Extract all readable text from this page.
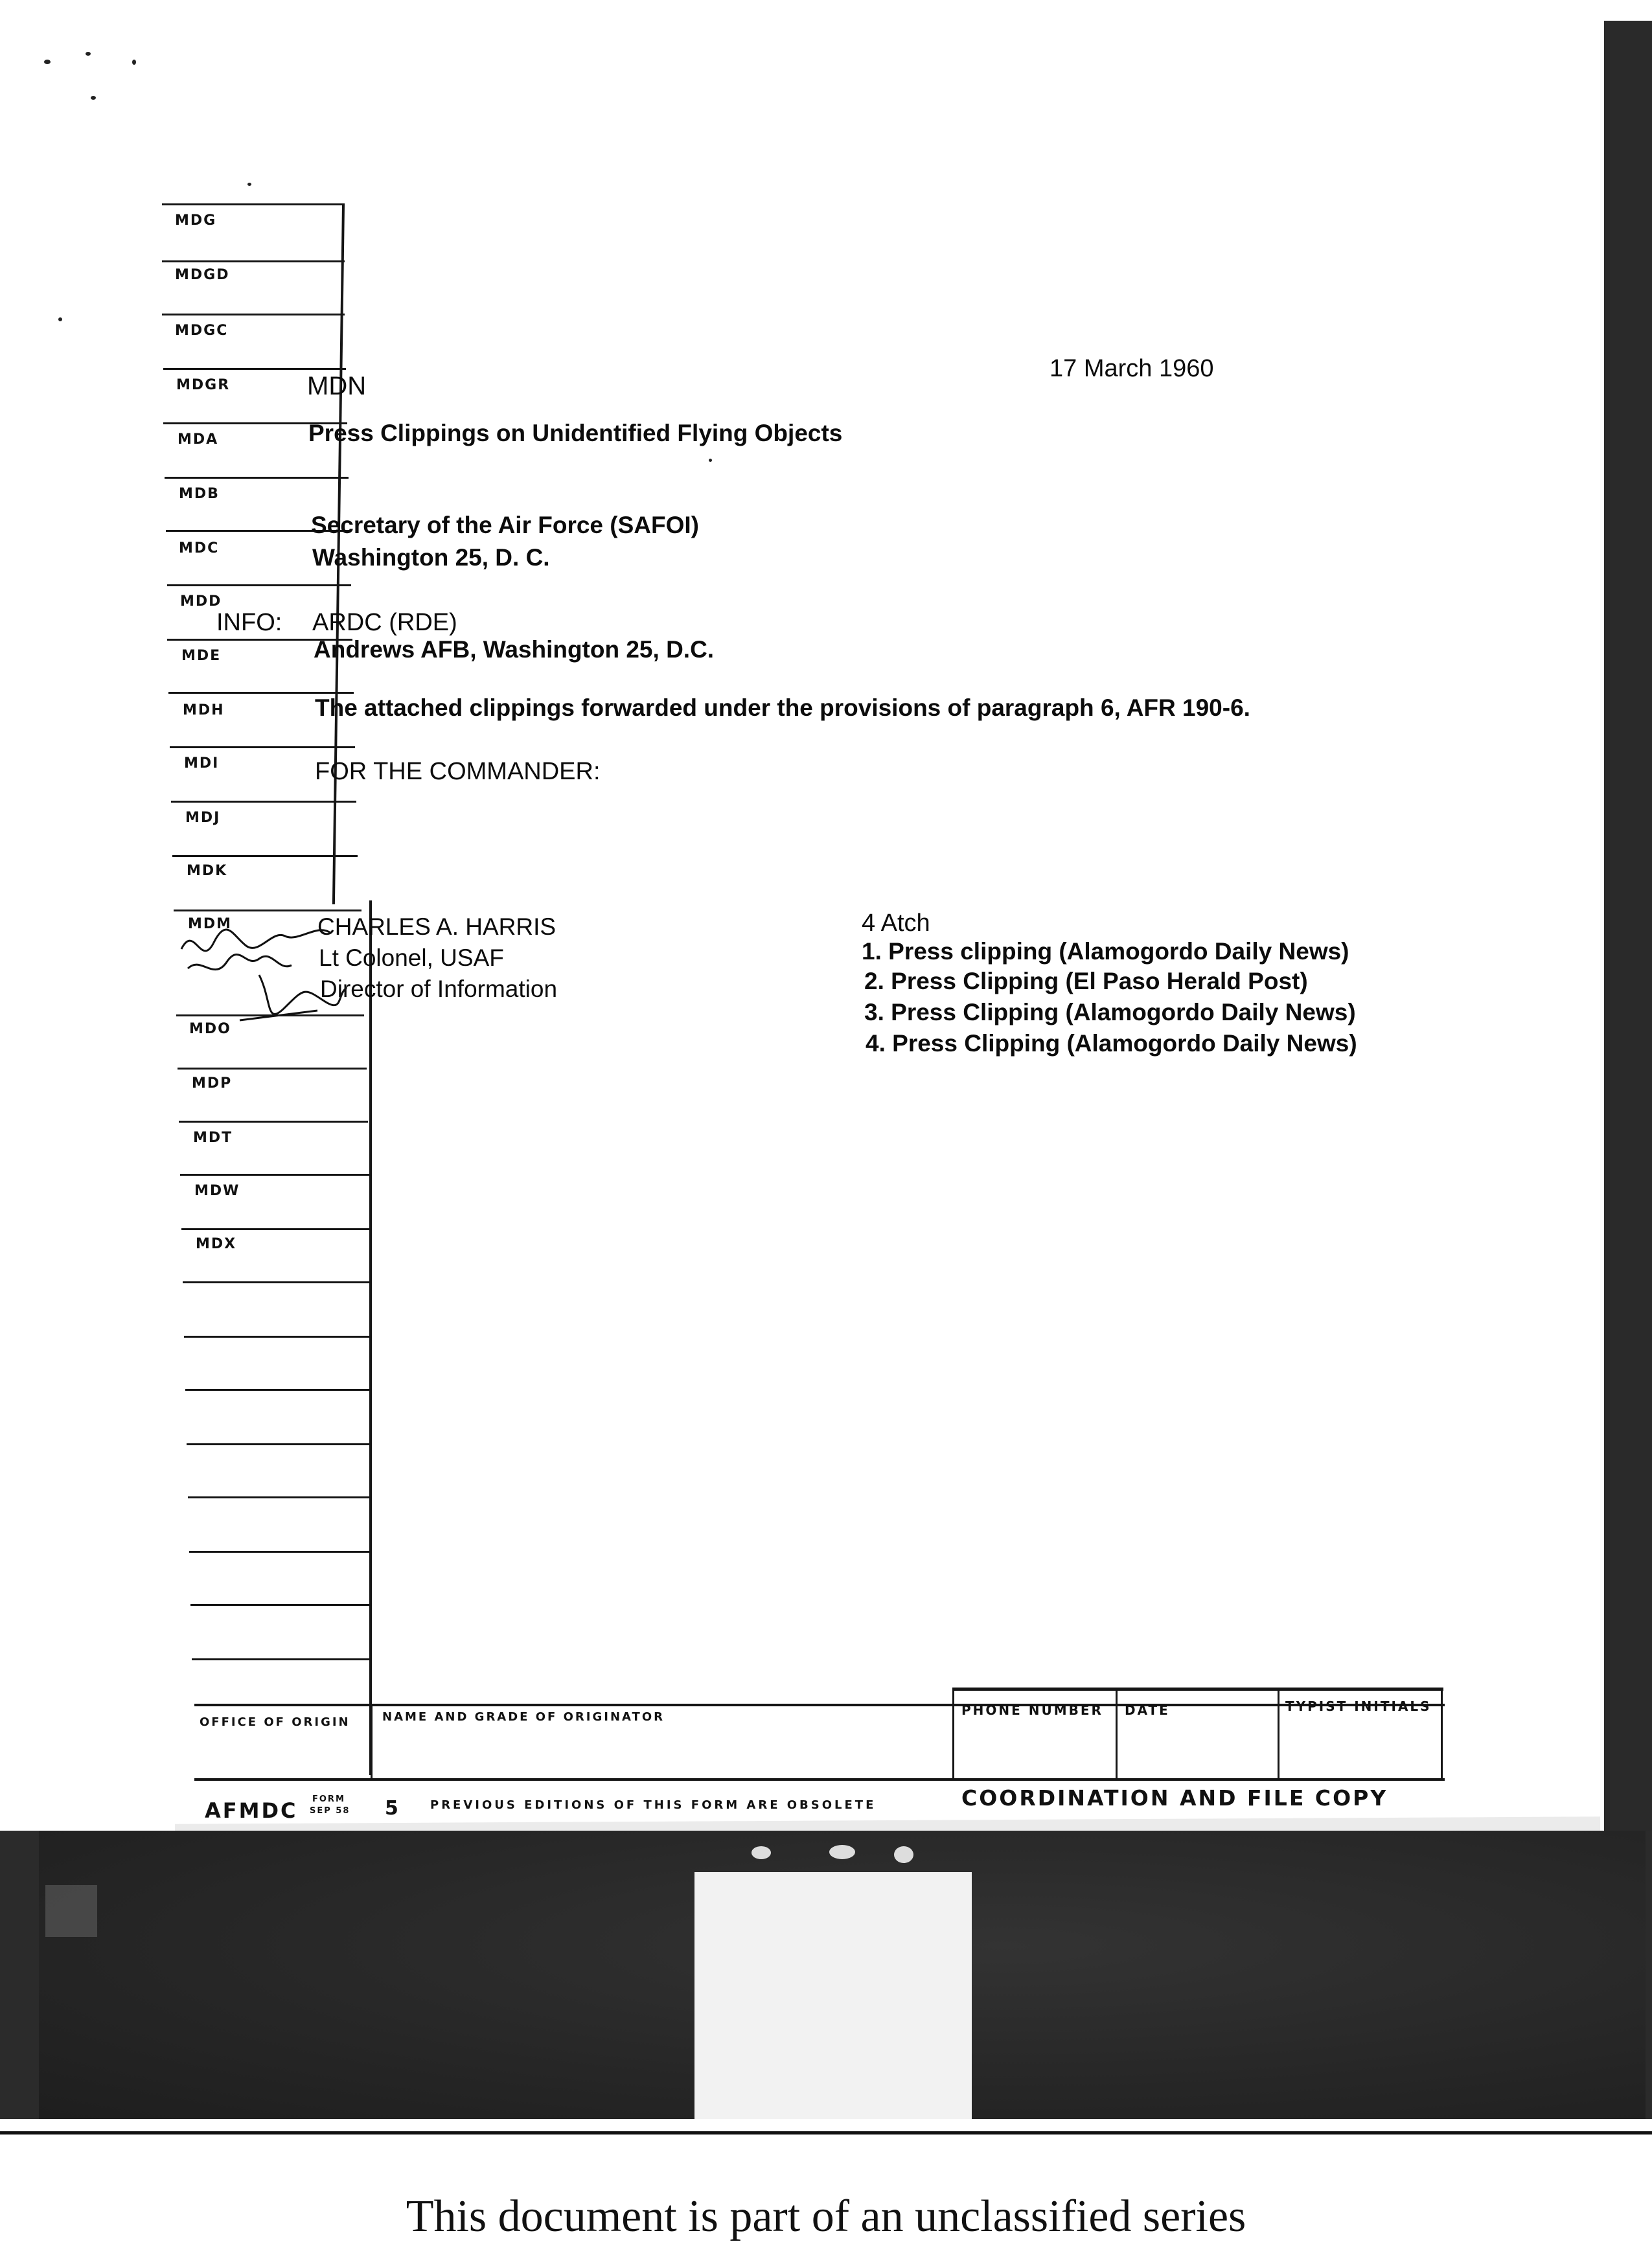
MDG
MDGD
MDGC
MDGR
MDA
MDB
MDC
MDD
MDE
MDH
MDI
MDJ
MDK
MDM
MDO
MDP
MDT
MDW
MDX
17 March 1960
MDN
Press Clippings on Unidentified Flying Objects
Secretary of the Air Force (SAFOI)
Washington 25, D. C.
INFO: ARDC (RDE)
Andrews AFB, Washington 25, D.C.
The attached clippings forwarded under the provisions of paragraph 6, AFR 190-6.
FOR THE COMMANDER:
CHARLES A. HARRIS
Lt Colonel, USAF
Director of Information
4 Atch
1. Press clipping (Alamogordo Daily News)
2. Press Clipping (El Paso Herald Post)
3. Press Clipping (Alamogordo Daily News)
4. Press Clipping (Alamogordo Daily News)
OFFICE OF ORIGIN	NAME AND GRADE OF ORIGINATOR	PHONE NUMBER DATE	TYPIST INITIALS
AFMDC FORM
SEP 58 5	PREVIOUS EDITIONS OF THIS FORM ARE OBSOLETE	COORDINATION AND FILE COPY
This document is part of an unclassified series
